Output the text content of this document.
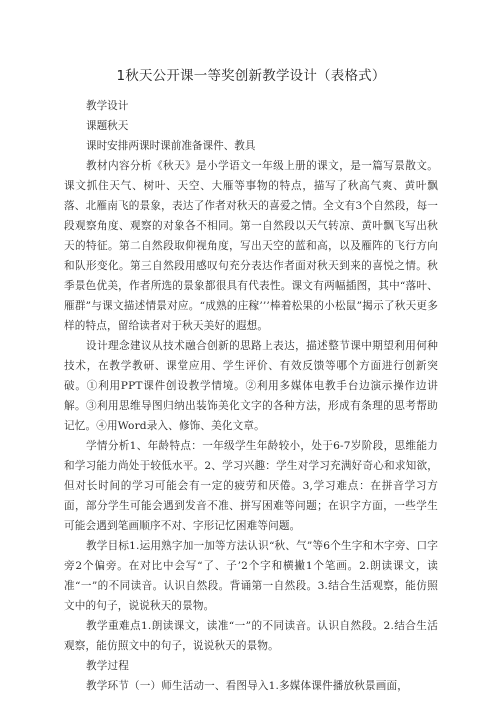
1秋天公开课一等奖创新教学设计（表格式）
教学设计
课题秋天
课时安排两课时课前准备课件、教具

教材内容分析《秋天》是小学语文一年级上册的课文，是一篇写景散文。课文抓住天气、树叶、天空、大雁等事物的特点，描写了秋高气爽、黄叶飘落、北雁南飞的景象，表达了作者对秋天的喜爱之情。全文有3个自然段，每一段观察角度、观察的对象各不相同。第一自然段以天气转凉、黄叶飘飞写出秋天的特征。第二自然段取仰视角度，写出天空的蓝和高，以及雁阵的飞行方向和队形变化。第三自然段用感叹句充分表达作者面对秋天到来的喜悦之情。秋季景色优美，作者所选的景象都很具有代表性。课文有两幅插图，其中“落叶、雁群”与课文描述情景对应。“成熟的庄稼’’’棒着松果的小松鼠”揭示了秋天更多样的特点，留给读者对于秋天美好的遐想。

设计理念建议从技术融合创新的思路上表达，描述整节课中期望利用何种技术，在教学教研、课堂应用、学生评价、有效反馈等哪个方面进行创新突破。①利用PPT课件创设教学情境。②利用多媒体电教手台边演示操作边讲解。③利用思维导图归纳出装饰美化文字的各种方法，形成有条理的思考帮助记忆。④用Word录入、修饰、美化文章。

学情分析1、年龄特点：一年级学生年龄较小，处于6-7岁阶段，思维能力和学习能力尚处于较低水平。2、学习兴趣：学生对学习充满好奇心和求知欲，但对长时间的学习可能会有一定的疲劳和厌倦。3,学习难点：在拼音学习方面，部分学生可能会遇到发音不准、拼写困难等问题；在识字方面，一些学生可能会遇到笔画顺序不对、字形记忆困难等问题。

教学目标1.运用熟字加一加等方法认识“秋、气”等6个生字和木字旁、口字旁2个偏旁。在对比中会写“了、子’2个字和横撇1个笔画。2.朗读课文，读准“一”的不同读音。认识自然段。背诵第一自然段。3.结合生活观察，能仿照文中的句子，说说秋天的景物。

教学重难点1.朗读课文，读准“一”的不同读音。认识自然段。2.结合生活观察，能仿照文中的句子，说说秋天的景物。

教学过程

教学环节（一）师生活动一、看图导入1.多媒体课件播放秋景画面，
